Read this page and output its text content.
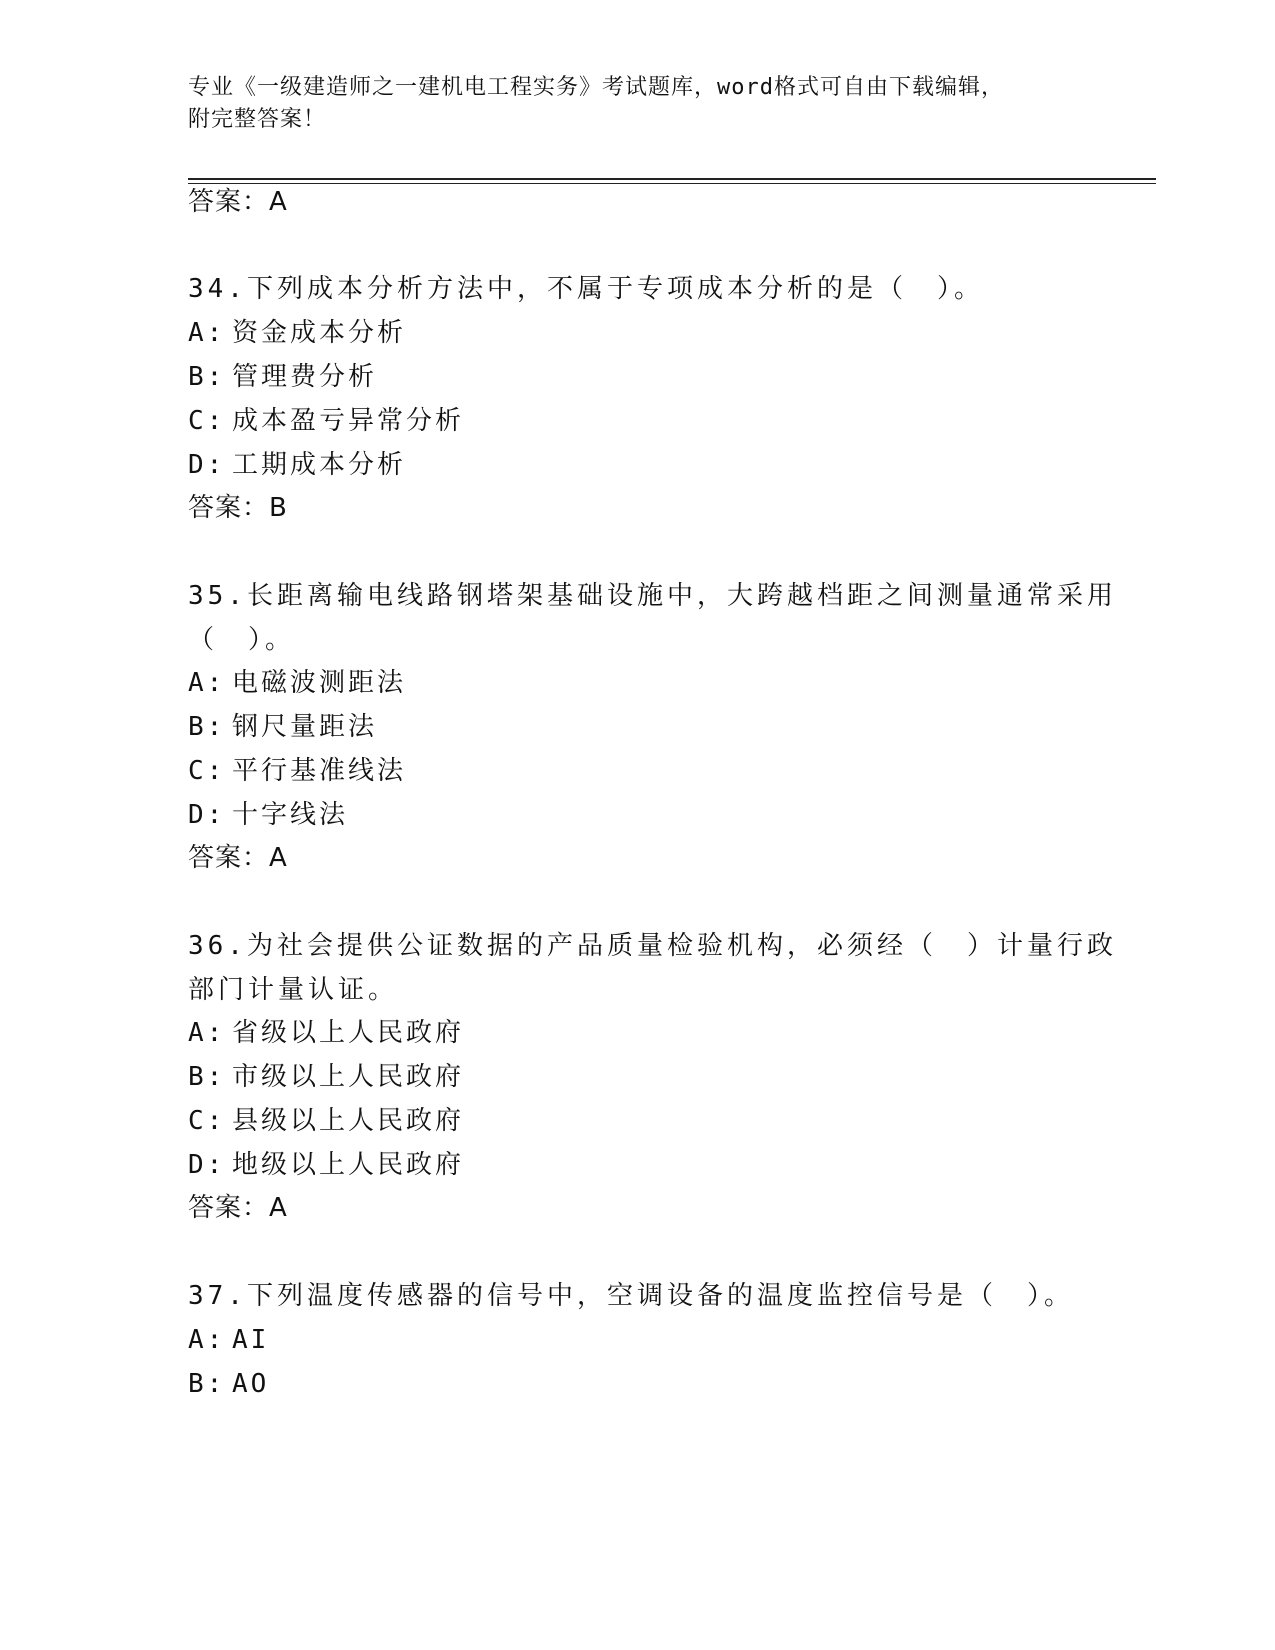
专业《一级建造师之一建机电工程实务》考试题库，word格式可自由下载编辑，
附完整答案！
答案：A
34.下列成本分析方法中，不属于专项成本分析的是（　）。
A: 资金成本分析
B: 管理费分析
C: 成本盈亏异常分析
D: 工期成本分析
答案：B
35.长距离输电线路钢塔架基础设施中，大跨越档距之间测量通常采用
（　）。
A: 电磁波测距法
B: 钢尺量距法
C: 平行基准线法
D: 十字线法
答案：A
36.为社会提供公证数据的产品质量检验机构，必须经（　）计量行政
部门计量认证。
A: 省级以上人民政府
B: 市级以上人民政府
C: 县级以上人民政府
D: 地级以上人民政府
答案：A
37.下列温度传感器的信号中，空调设备的温度监控信号是（　）。
A: AI
B: AO
